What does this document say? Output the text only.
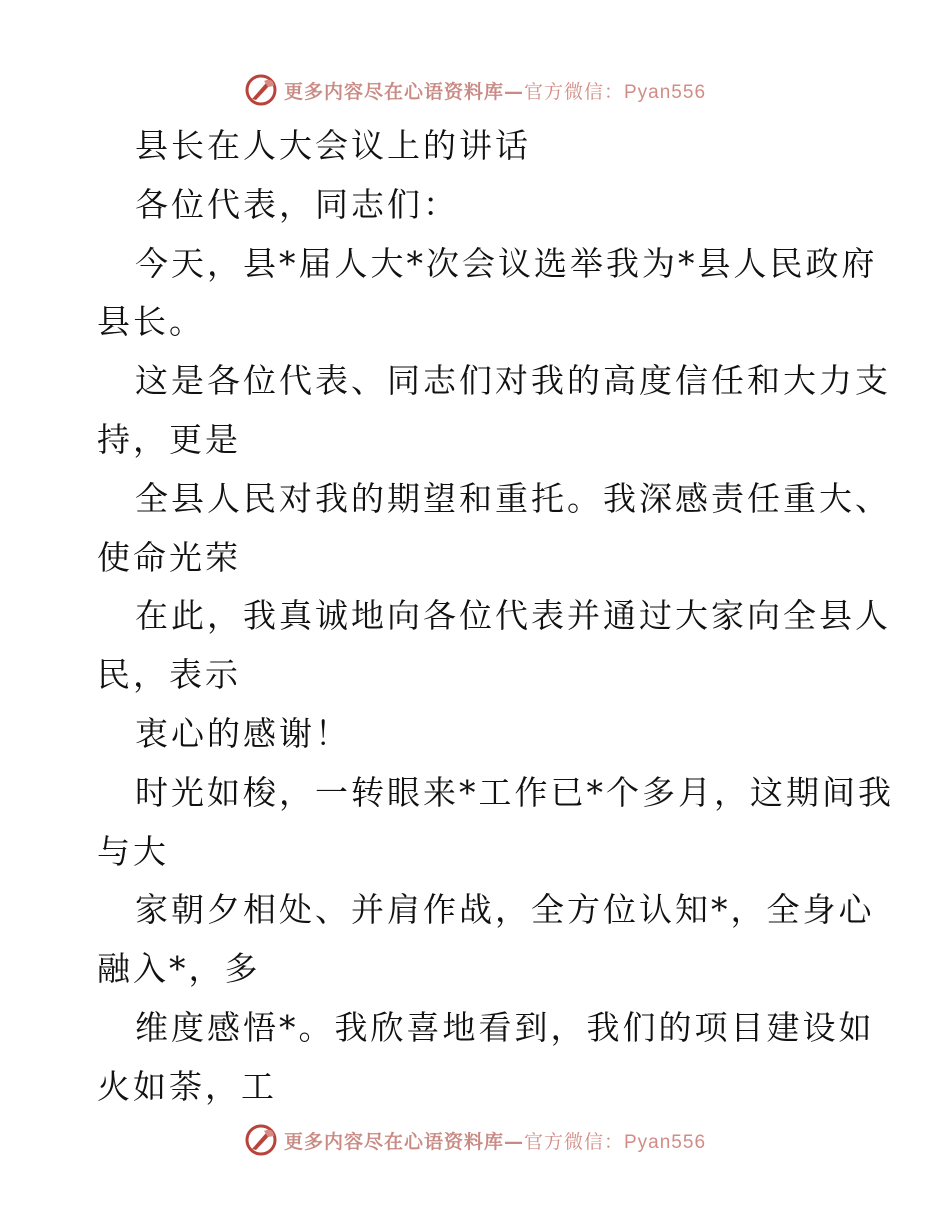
更多内容尽在心语资料库—官方微信：Pyan556
县长在人大会议上的讲话
各位代表，同志们：
今天，县*届人大*次会议选举我为*县人民政府
县长。
这是各位代表、同志们对我的高度信任和大力支
持，更是
全县人民对我的期望和重托。我深感责任重大、
使命光荣
在此，我真诚地向各位代表并通过大家向全县人
民，表示
衷心的感谢！
时光如梭，一转眼来*工作已*个多月，这期间我
与大
家朝夕相处、并肩作战，全方位认知*，全身心
融入*，多
维度感悟*。我欣喜地看到，我们的项目建设如
火如荼，工
更多内容尽在心语资料库—官方微信：Pyan556
